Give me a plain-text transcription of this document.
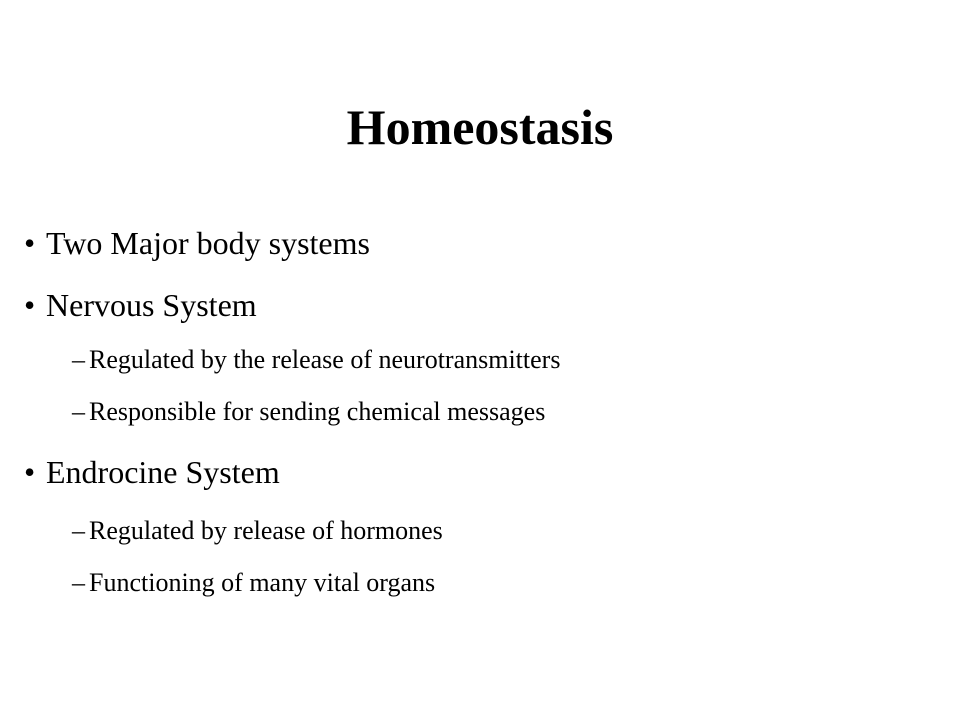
Homeostasis
• Two Major body systems
• Nervous System
– Regulated by the release of neurotransmitters
– Responsible for sending chemical messages
• Endrocine System
– Regulated by release of hormones
– Functioning of many vital organs
